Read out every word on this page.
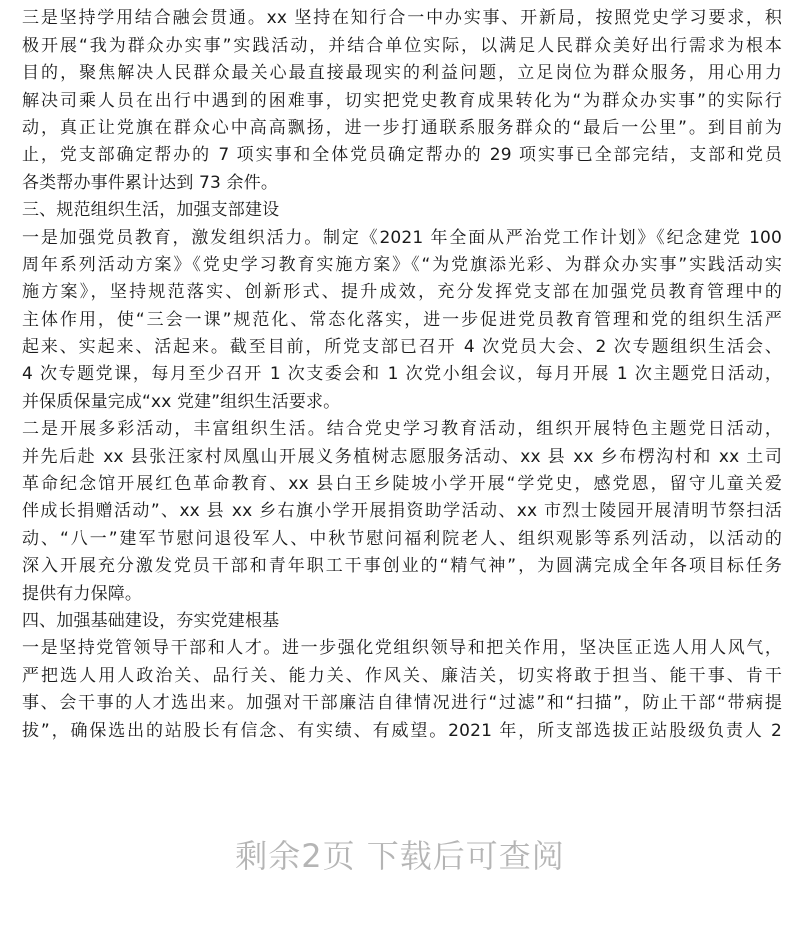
三是坚持学用结合融会贯通。xx 坚持在知行合一中办实事、开新局，按照党史学习要求，积
极开展“我为群众办实事”实践活动，并结合单位实际，以满足人民群众美好出行需求为根本
目的，聚焦解决人民群众最关心最直接最现实的利益问题，立足岗位为群众服务，用心用力
解决司乘人员在出行中遇到的困难事，切实把党史教育成果转化为“为群众办实事”的实际行
动，真正让党旗在群众心中高高飘扬，进一步打通联系服务群众的“最后一公里”。到目前为
止，党支部确定帮办的 7 项实事和全体党员确定帮办的 29 项实事已全部完结，支部和党员
各类帮办事件累计达到 73 余件。
三、规范组织生活，加强支部建设
一是加强党员教育，激发组织活力。制定《2021 年全面从严治党工作计划》《纪念建党 100
周年系列活动方案》《党史学习教育实施方案》《“为党旗添光彩、为群众办实事”实践活动实
施方案》，坚持规范落实、创新形式、提升成效，充分发挥党支部在加强党员教育管理中的
主体作用，使“三会一课”规范化、常态化落实，进一步促进党员教育管理和党的组织生活严
起来、实起来、活起来。截至目前，所党支部已召开 4 次党员大会、2 次专题组织生活会、
4 次专题党课，每月至少召开 1 次支委会和 1 次党小组会议，每月开展 1 次主题党日活动，
并保质保量完成“xx 党建”组织生活要求。
二是开展多彩活动，丰富组织生活。结合党史学习教育活动，组织开展特色主题党日活动，
并先后赴 xx 县张汪家村凤凰山开展义务植树志愿服务活动、xx 县 xx 乡布楞沟村和 xx 土司
革命纪念馆开展红色革命教育、xx 县白王乡陡坡小学开展“学党史，感党恩，留守儿童关爱
伴成长捐赠活动”、xx 县 xx 乡右旗小学开展捐资助学活动、xx 市烈士陵园开展清明节祭扫活
动、“八一”建军节慰问退役军人、中秋节慰问福利院老人、组织观影等系列活动，以活动的
深入开展充分激发党员干部和青年职工干事创业的“精气神”，为圆满完成全年各项目标任务
提供有力保障。
四、加强基础建设，夯实党建根基
一是坚持党管领导干部和人才。进一步强化党组织领导和把关作用，坚决匡正选人用人风气，
严把选人用人政治关、品行关、能力关、作风关、廉洁关，切实将敢于担当、能干事、肯干
事、会干事的人才选出来。加强对干部廉洁自律情况进行“过滤”和“扫描”，防止干部“带病提
拔”，确保选出的站股长有信念、有实绩、有威望。2021 年，所支部选拔正站股级负责人 2
剩余2页 下载后可查阅
